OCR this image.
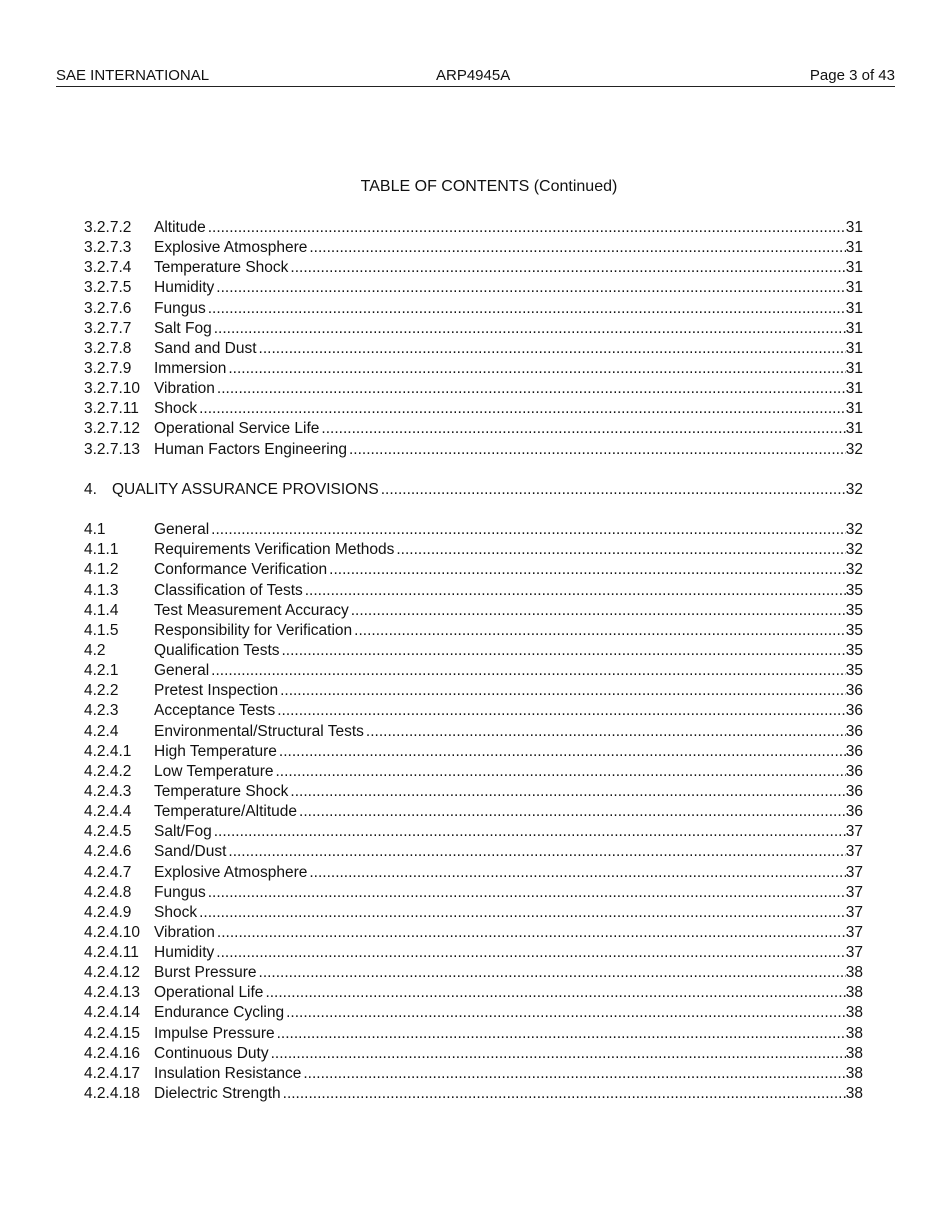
SAE INTERNATIONAL	ARP4945A	Page 3 of 43
TABLE OF CONTENTS (Continued)
3.2.7.2 Altitude .....	31
3.2.7.3 Explosive Atmosphere .....	31
3.2.7.4 Temperature Shock .....	31
3.2.7.5 Humidity .....	31
3.2.7.6 Fungus .....	31
3.2.7.7 Salt Fog .....	31
3.2.7.8 Sand and Dust .....	31
3.2.7.9 Immersion .....	31
3.2.7.10 Vibration .....	31
3.2.7.11 Shock .....	31
3.2.7.12 Operational Service Life .....	31
3.2.7.13 Human Factors Engineering .....	32
4. QUALITY ASSURANCE PROVISIONS .....	32
4.1	General .....	32
4.1.1 Requirements Verification Methods .....	32
4.1.2 Conformance Verification .....	32
4.1.3 Classification of Tests .....	35
4.1.4 Test Measurement Accuracy .....	35
4.1.5 Responsibility for Verification .....	35
4.2	Qualification Tests .....	35
4.2.1 General .....	35
4.2.2 Pretest Inspection .....	36
4.2.3 Acceptance Tests .....	36
4.2.4 Environmental/Structural Tests .....	36
4.2.4.1 High Temperature .....	36
4.2.4.2 Low Temperature .....	36
4.2.4.3 Temperature Shock .....	36
4.2.4.4 Temperature/Altitude .....	36
4.2.4.5 Salt/Fog .....	37
4.2.4.6 Sand/Dust .....	37
4.2.4.7 Explosive Atmosphere .....	37
4.2.4.8 Fungus .....	37
4.2.4.9 Shock .....	37
4.2.4.10 Vibration .....	37
4.2.4.11 Humidity .....	37
4.2.4.12 Burst Pressure .....	38
4.2.4.13 Operational Life .....	38
4.2.4.14 Endurance Cycling .....	38
4.2.4.15 Impulse Pressure .....	38
4.2.4.16 Continuous Duty .....	38
4.2.4.17 Insulation Resistance .....	38
4.2.4.18 Dielectric Strength .....	38
